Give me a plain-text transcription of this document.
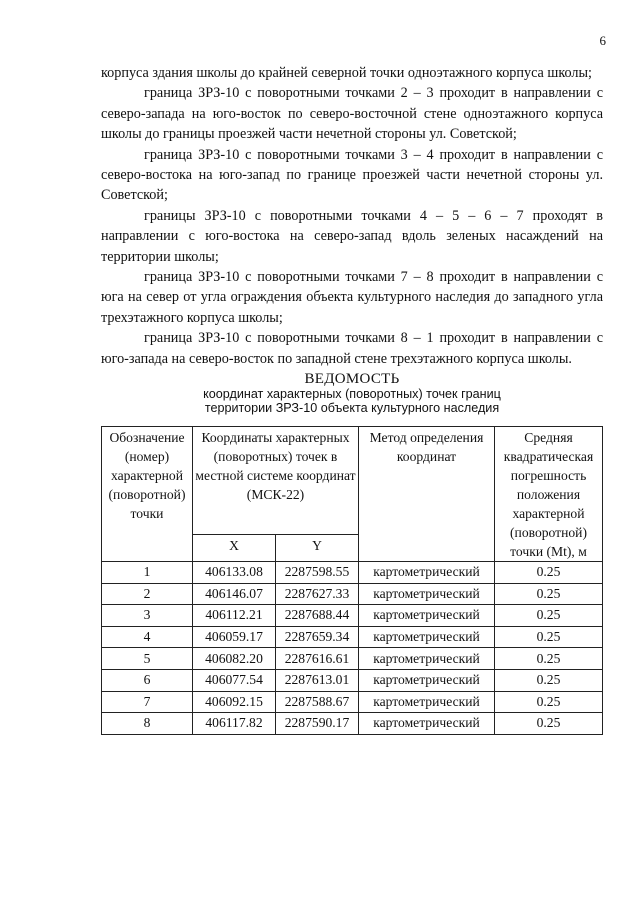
6

корпуса здания школы до крайней северной точки одноэтажного корпуса школы;

граница ЗРЗ-10 с поворотными точками 2 – 3 проходит в направлении с северо-запада на юго-восток по северо-восточной стене одноэтажного корпуса школы до границы проезжей части нечетной стороны ул. Советской;

граница ЗРЗ-10 с поворотными точками 3 – 4 проходит в направлении с северо-востока на юго-запад по границе проезжей части нечетной стороны ул. Советской;

границы ЗРЗ-10 с поворотными точками 4 – 5 – 6 – 7 проходят в направлении с юго-востока на северо-запад вдоль зеленых насаждений на территории школы;

граница ЗРЗ-10 с поворотными точками 7 – 8 проходит в направлении с юга на север от угла ограждения объекта культурного наследия до западного угла трехэтажного корпуса школы;

граница ЗРЗ-10 с поворотными точками 8 – 1 проходит в направлении с юго-запада на северо-восток по западной стене трехэтажного корпуса школы.

ВЕДОМОСТЬ
координат характерных (поворотных) точек границ
территории ЗРЗ-10 объекта культурного наследия
Обозначение (номер) характерной (поворотной) точки	Координаты характерных (поворотных) точек в местной системе координат (МСК-22)		Метод определения координат	Средняя квадратическая погрешность положения характерной (поворотной) точки (Mt), м
	X	Y		
1	406133.08	2287598.55	картометрический	0.25
2	406146.07	2287627.33	картометрический	0.25
3	406112.21	2287688.44	картометрический	0.25
4	406059.17	2287659.34	картометрический	0.25
5	406082.20	2287616.61	картометрический	0.25
6	406077.54	2287613.01	картометрический	0.25
7	406092.15	2287588.67	картометрический	0.25
8	406117.82	2287590.17	картометрический	0.25
